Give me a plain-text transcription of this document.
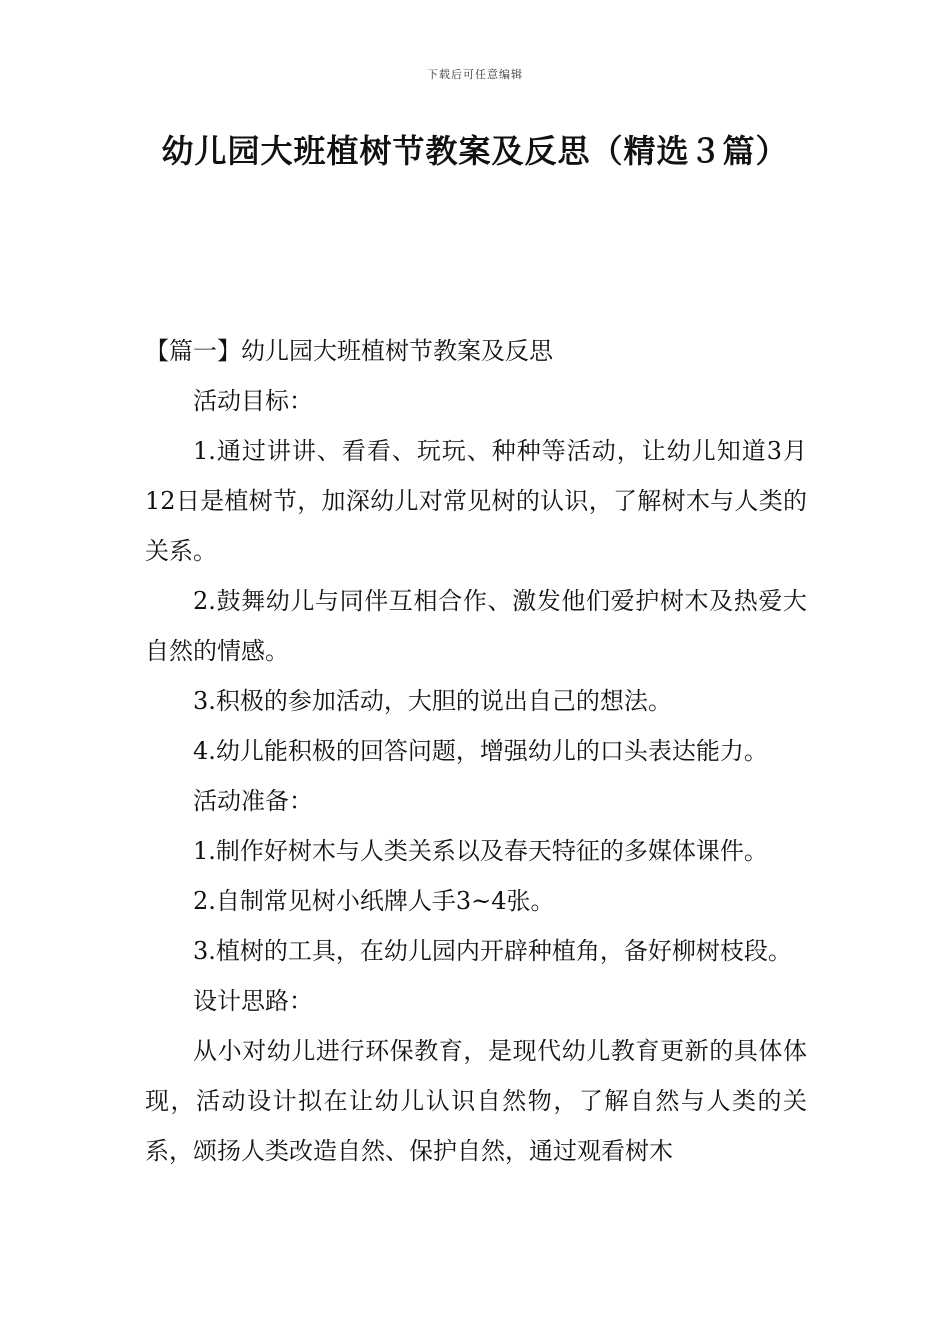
下载后可任意编辑
幼儿园大班植树节教案及反思（精选３篇）

【篇一】幼儿园大班植树节教案及反思

活动目标：

1.通过讲讲、看看、玩玩、种种等活动，让幼儿知道3月12日是植树节，加深幼儿对常见树的认识，了解树木与人类的关系。

2.鼓舞幼儿与同伴互相合作、激发他们爱护树木及热爱大自然的情感。

3.积极的参加活动，大胆的说出自己的想法。

4.幼儿能积极的回答问题，增强幼儿的口头表达能力。

活动准备：

1.制作好树木与人类关系以及春天特征的多媒体课件。

2.自制常见树小纸牌人手3~4张。

3.植树的工具，在幼儿园内开辟种植角，备好柳树枝段。

设计思路：

从小对幼儿进行环保教育，是现代幼儿教育更新的具体体现，活动设计拟在让幼儿认识自然物，了解自然与人类的关系，颂扬人类改造自然、保护自然，通过观看树木
